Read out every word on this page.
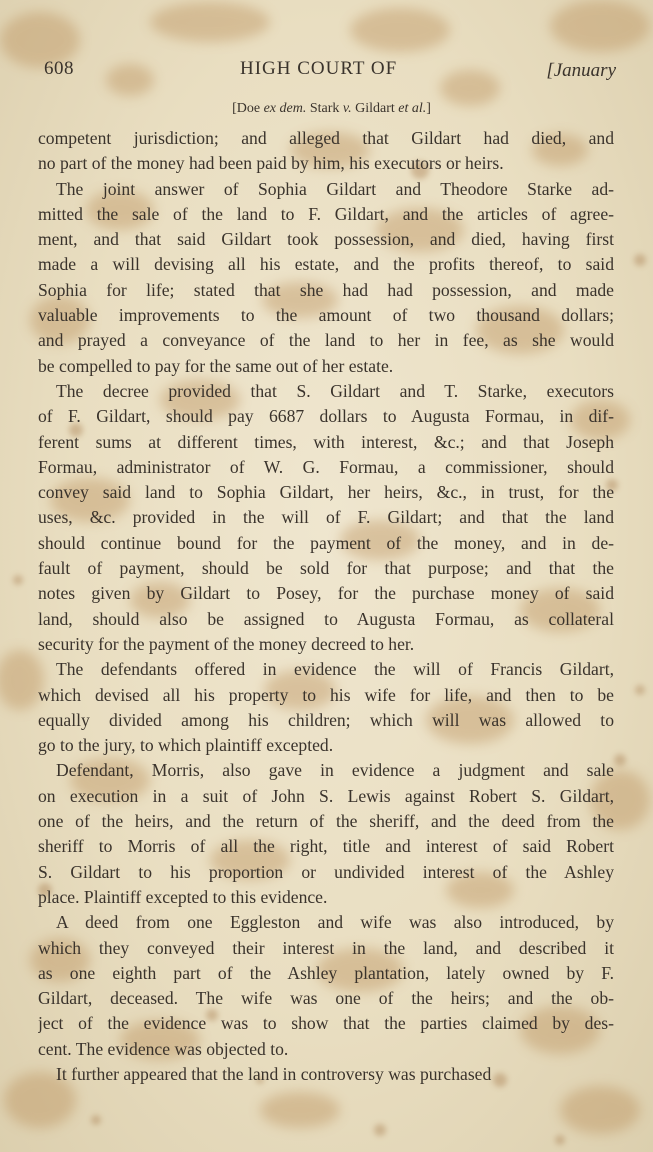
608	HIGH COURT OF	[January
[Doe ex dem. Stark v. Gildart et al.]
competent jurisdiction; and alleged that Gildart had died, and
no part of the money had been paid by him, his executors or heirs.
The joint answer of Sophia Gildart and Theodore Starke ad-
mitted the sale of the land to F. Gildart, and the articles of agree-
ment, and that said Gildart took possession, and died, having first
made a will devising all his estate, and the profits thereof, to said
Sophia for life; stated that she had had possession, and made
valuable improvements to the amount of two thousand dollars;
and prayed a conveyance of the land to her in fee, as she would
be compelled to pay for the same out of her estate.
The decree provided that S. Gildart and T. Starke, executors
of F. Gildart, should pay 6687 dollars to Augusta Formau, in dif-
ferent sums at different times, with interest, &c.; and that Joseph
Formau, administrator of W. G. Formau, a commissioner, should
convey said land to Sophia Gildart, her heirs, &c., in trust, for the
uses, &c. provided in the will of F. Gildart; and that the land
should continue bound for the payment of the money, and in de-
fault of payment, should be sold for that purpose; and that the
notes given by Gildart to Posey, for the purchase money of said
land, should also be assigned to Augusta Formau, as collateral
security for the payment of the money decreed to her.
The defendants offered in evidence the will of Francis Gildart,
which devised all his property to his wife for life, and then to be
equally divided among his children; which will was allowed to
go to the jury, to which plaintiff excepted.
Defendant, Morris, also gave in evidence a judgment and sale
on execution in a suit of John S. Lewis against Robert S. Gildart,
one of the heirs, and the return of the sheriff, and the deed from the
sheriff to Morris of all the right, title and interest of said Robert
S. Gildart to his proportion or undivided interest of the Ashley
place. Plaintiff excepted to this evidence.
A deed from one Eggleston and wife was also introduced, by
which they conveyed their interest in the land, and described it
as one eighth part of the Ashley plantation, lately owned by F.
Gildart, deceased. The wife was one of the heirs; and the ob-
ject of the evidence was to show that the parties claimed by des-
cent. The evidence was objected to.
It further appeared that the land in controversy was purchased
